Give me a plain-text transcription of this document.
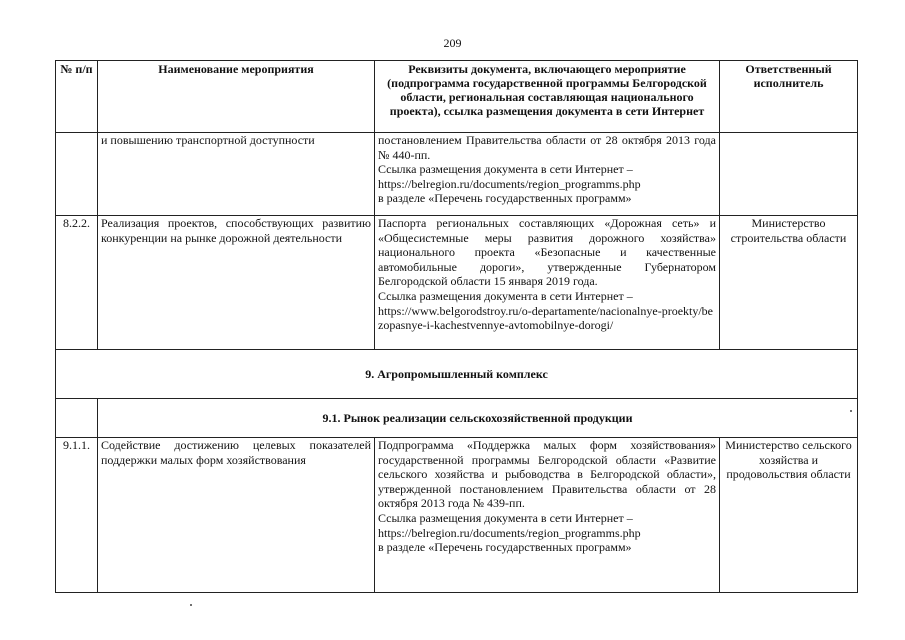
209
№ п/п	Наименование мероприятия	Реквизиты документа, включающего мероприятие (подпрограмма государственной программы Белгородской области, региональная составляющая национального проекта), ссылка размещения документа в сети Интернет	Ответственный исполнитель
	и повышению транспортной доступности	постановлением Правительства области от 28 октября 2013 года № 440-пп.
Ссылка размещения документа в сети Интернет –
https://belregion.ru/documents/region_programms.php
в разделе «Перечень государственных программ»	

8.2.2.	Реализация проектов, способствующих развитию конкуренции на рынке дорожной деятельности	Паспорта региональных составляющих «Дорожная сеть» и «Общесистемные меры развития дорожного хозяйства» национального проекта «Безопасные и качественные автомобильные дороги», утвержденные Губернатором Белгородской области 15 января 2019 года.
Ссылка размещения документа в сети Интернет –
https://www.belgorodstroy.ru/o-departamente/nacionalnye-proekty/bezopasnye-i-kachestvennye-avtomobilnye-dorogi/	Министерство строительства области
9. Агропромышленный комплекс			
	9.1. Рынок реализации сельскохозяйственной продукции		
9.1.1.	Содействие достижению целевых показателей поддержки малых форм хозяйствования	Подпрограмма «Поддержка малых форм хозяйствования» государственной программы Белгородской области «Развитие сельского хозяйства и рыбоводства в Белгородской области», утвержденной постановлением Правительства области от 28 октября 2013 года № 439-пп.
Ссылка размещения документа в сети Интернет –
https://belregion.ru/documents/region_programms.php
в разделе «Перечень государственных программ»	Министерство сельского хозяйства и продовольствия области
